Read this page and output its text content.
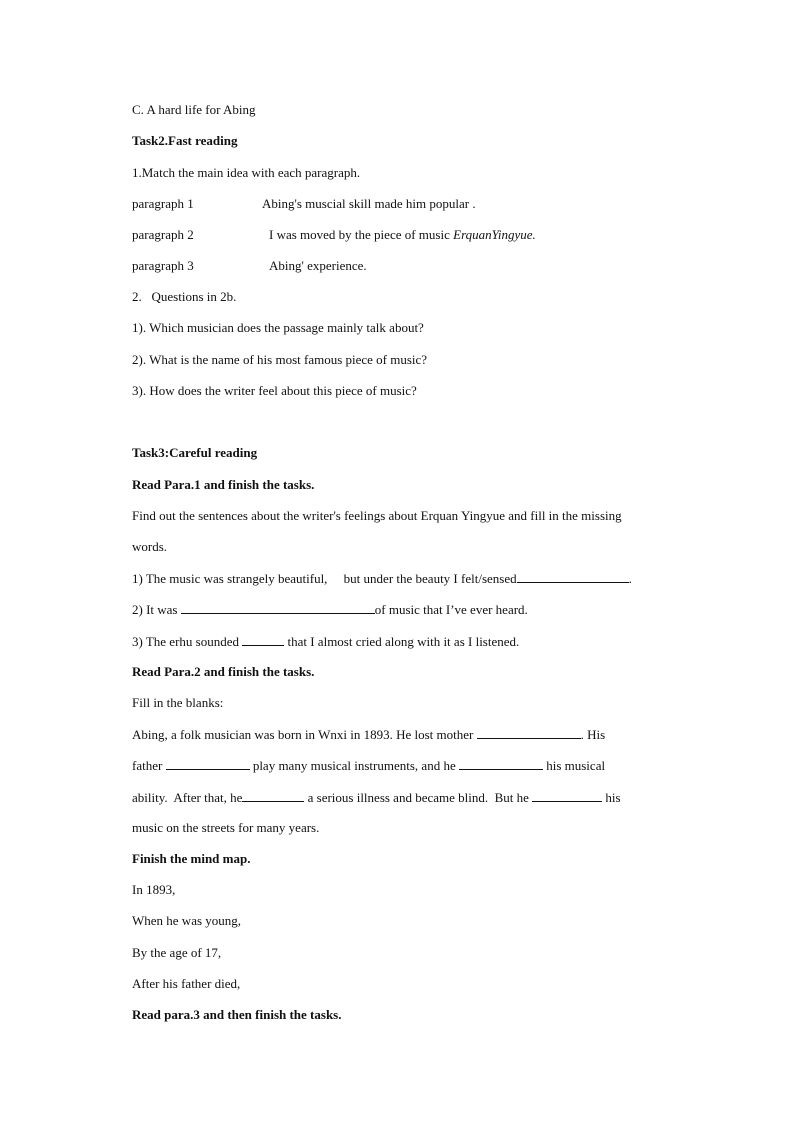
C. A hard life for Abing
Task2.Fast reading
1.Match the main idea with each paragraph.
paragraph 1	Abing's muscial skill made him popular .
paragraph 2	I was moved by the piece of music ErquanYingyue.
paragraph 3	Abing' experience.
2.   Questions in 2b.
1). Which musician does the passage mainly talk about?
2). What is the name of his most famous piece of music?
3). How does the writer feel about this piece of music?
Task3:Careful reading
Read Para.1 and finish the tasks.
Find out the sentences about the writer's feelings about Erquan Yingyue and fill in the missing
words.
1) The music was strangely beautiful,     but under the beauty I felt/sensed	.
2) It was	of music that I’ve ever heard.
3) The erhu sounded	that I almost cried along with it as I listened.
Read Para.2 and finish the tasks.
Fill in the blanks:
Abing, a folk musician was born in Wnxi in 1893. He lost mother	. His
father	play many musical instruments, and he	his musical
ability.  After that, he	a serious illness and became blind.  But he	his
music on the streets for many years.
Finish the mind map.
In 1893,
When he was young,
By the age of 17,
After his father died,
Read para.3 and then finish the tasks.
